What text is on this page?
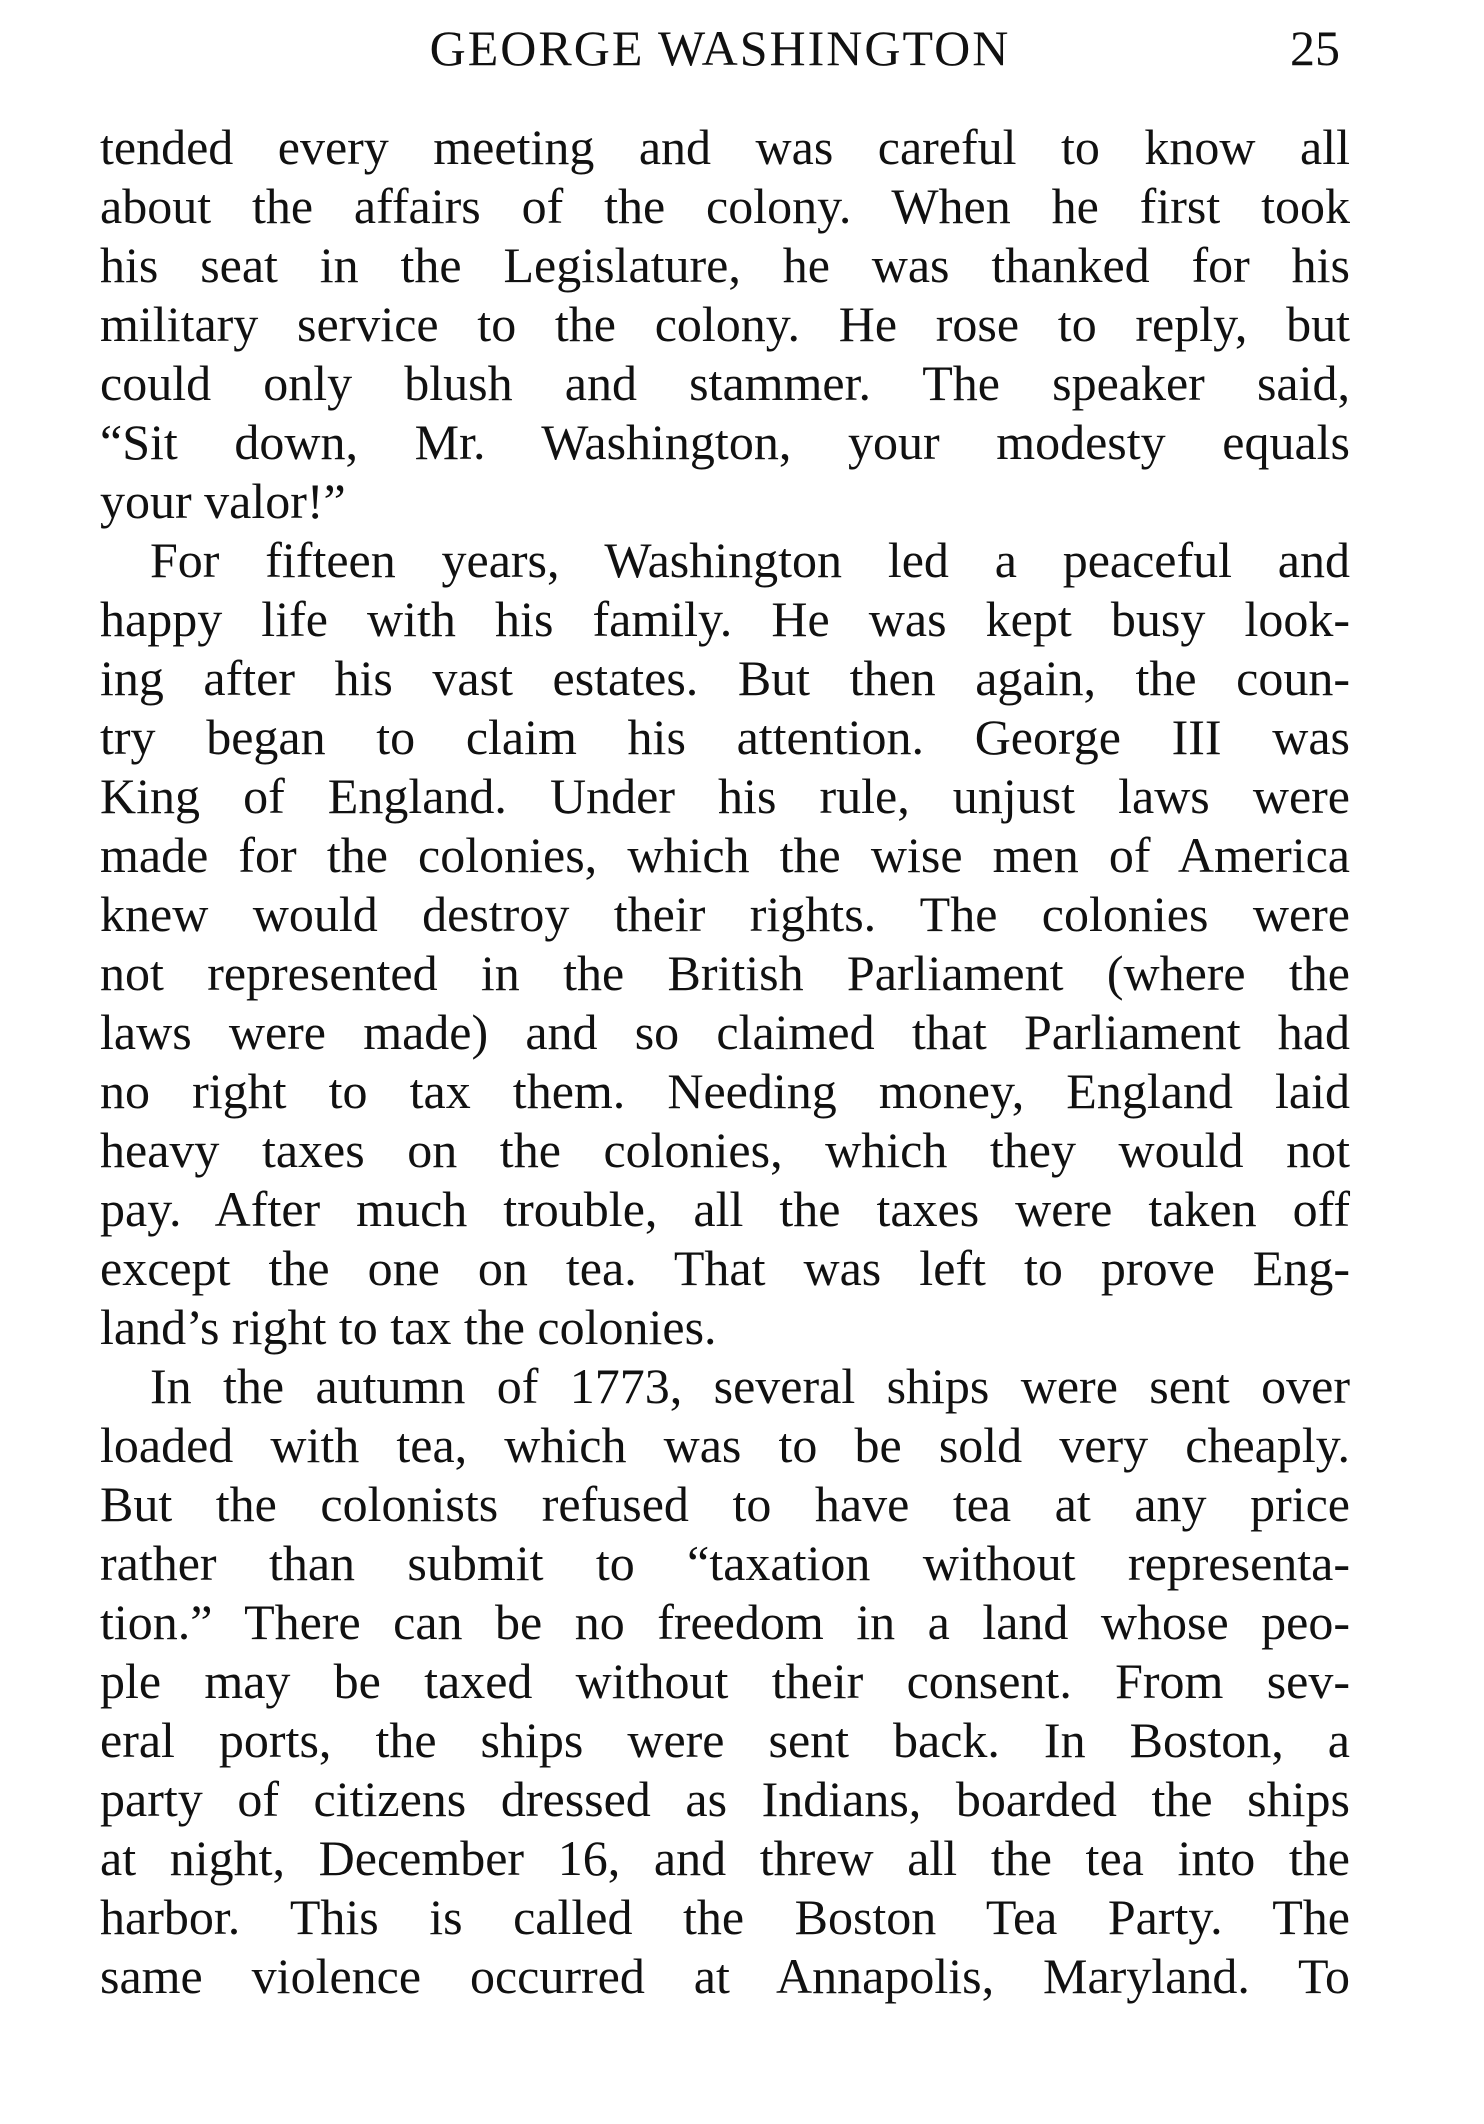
GEORGE WASHINGTON	25
tended every meeting and was careful to know all
about the affairs of the colony. When he first took
his seat in the Legislature, he was thanked for his
military service to the colony. He rose to reply, but
could only blush and stammer. The speaker said,
“Sit down, Mr. Washington, your modesty equals
your valor!”
For fifteen years, Washington led a peaceful and
happy life with his family. He was kept busy look-
ing after his vast estates. But then again, the coun-
try began to claim his attention. George III was
King of England. Under his rule, unjust laws were
made for the colonies, which the wise men of America
knew would destroy their rights. The colonies were
not represented in the British Parliament (where the
laws were made) and so claimed that Parliament had
no right to tax them. Needing money, England laid
heavy taxes on the colonies, which they would not
pay. After much trouble, all the taxes were taken off
except the one on tea. That was left to prove Eng-
land’s right to tax the colonies.
In the autumn of 1773, several ships were sent over
loaded with tea, which was to be sold very cheaply.
But the colonists refused to have tea at any price
rather than submit to “taxation without representa-
tion.” There can be no freedom in a land whose peo-
ple may be taxed without their consent. From sev-
eral ports, the ships were sent back. In Boston, a
party of citizens dressed as Indians, boarded the ships
at night, December 16, and threw all the tea into the
harbor. This is called the Boston Tea Party. The
same violence occurred at Annapolis, Maryland. To
